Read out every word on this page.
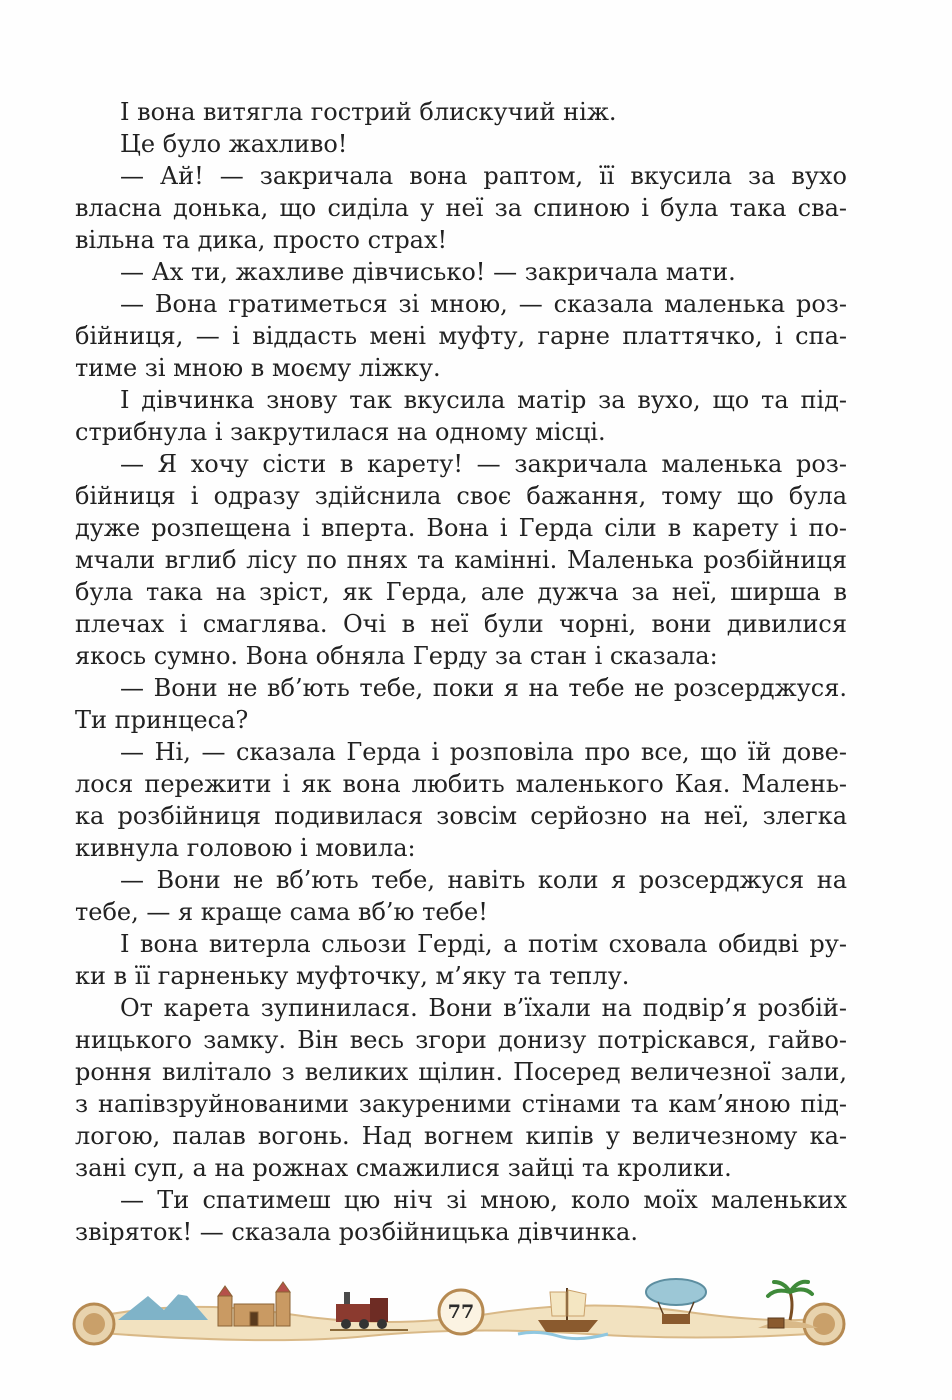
І вона витягла гострий блискучий ніж.
Це було жахливо!
— Ай! — закричала вона раптом, її вкусила за вухо
власна донька, що сиділа у неї за спиною і була така сва-
вільна та дика, просто страх!
— Ах ти, жахливе дівчисько! — закричала мати.
— Вона гратиметься зі мною, — сказала маленька роз-
бійниця, — і віддасть мені муфту, гарне платтячко, і спа-
тиме зі мною в моєму ліжку.
І дівчинка знову так вкусила матір за вухо, що та під-
стрибнула і закрутилася на одному місці.
— Я хочу сісти в карету! — закричала маленька роз-
бійниця і одразу здійснила своє бажання, тому що була
дуже розпещена і вперта. Вона і Герда сіли в карету і по-
мчали вглиб лісу по пнях та камінні. Маленька розбійниця
була така на зріст, як Герда, але дужча за неї, ширша в
плечах і смаглява. Очі в неї були чорні, вони дивилися
якось сумно. Вона обняла Герду за стан і сказала:
— Вони не вб’ють тебе, поки я на тебе не розсерджуся.
Ти принцеса?
— Ні, — сказала Герда і розповіла про все, що їй дове-
лося пережити і як вона любить маленького Кая. Малень-
ка розбійниця подивилася зовсім серйозно на неї, злегка
кивнула головою і мовила:
— Вони не вб’ють тебе, навіть коли я розсерджуся на
тебе, — я краще сама вб’ю тебе!
І вона витерла сльози Герді, а потім сховала обидві ру-
ки в її гарненьку муфточку, м’яку та теплу.
От карета зупинилася. Вони в’їхали на подвір’я розбій-
ницького замку. Він весь згори донизу потріскався, гайво-
роння вилітало з великих щілин. Посеред величезної зали,
з напівзруйнованими закуреними стінами та кам’яною під-
логою, палав вогонь. Над вогнем кипів у величезному ка-
зані суп, а на рожнах смажилися зайці та кролики.
— Ти спатимеш цю ніч зі мною, коло моїх маленьких
звіряток! — сказала розбійницька дівчинка.
77
